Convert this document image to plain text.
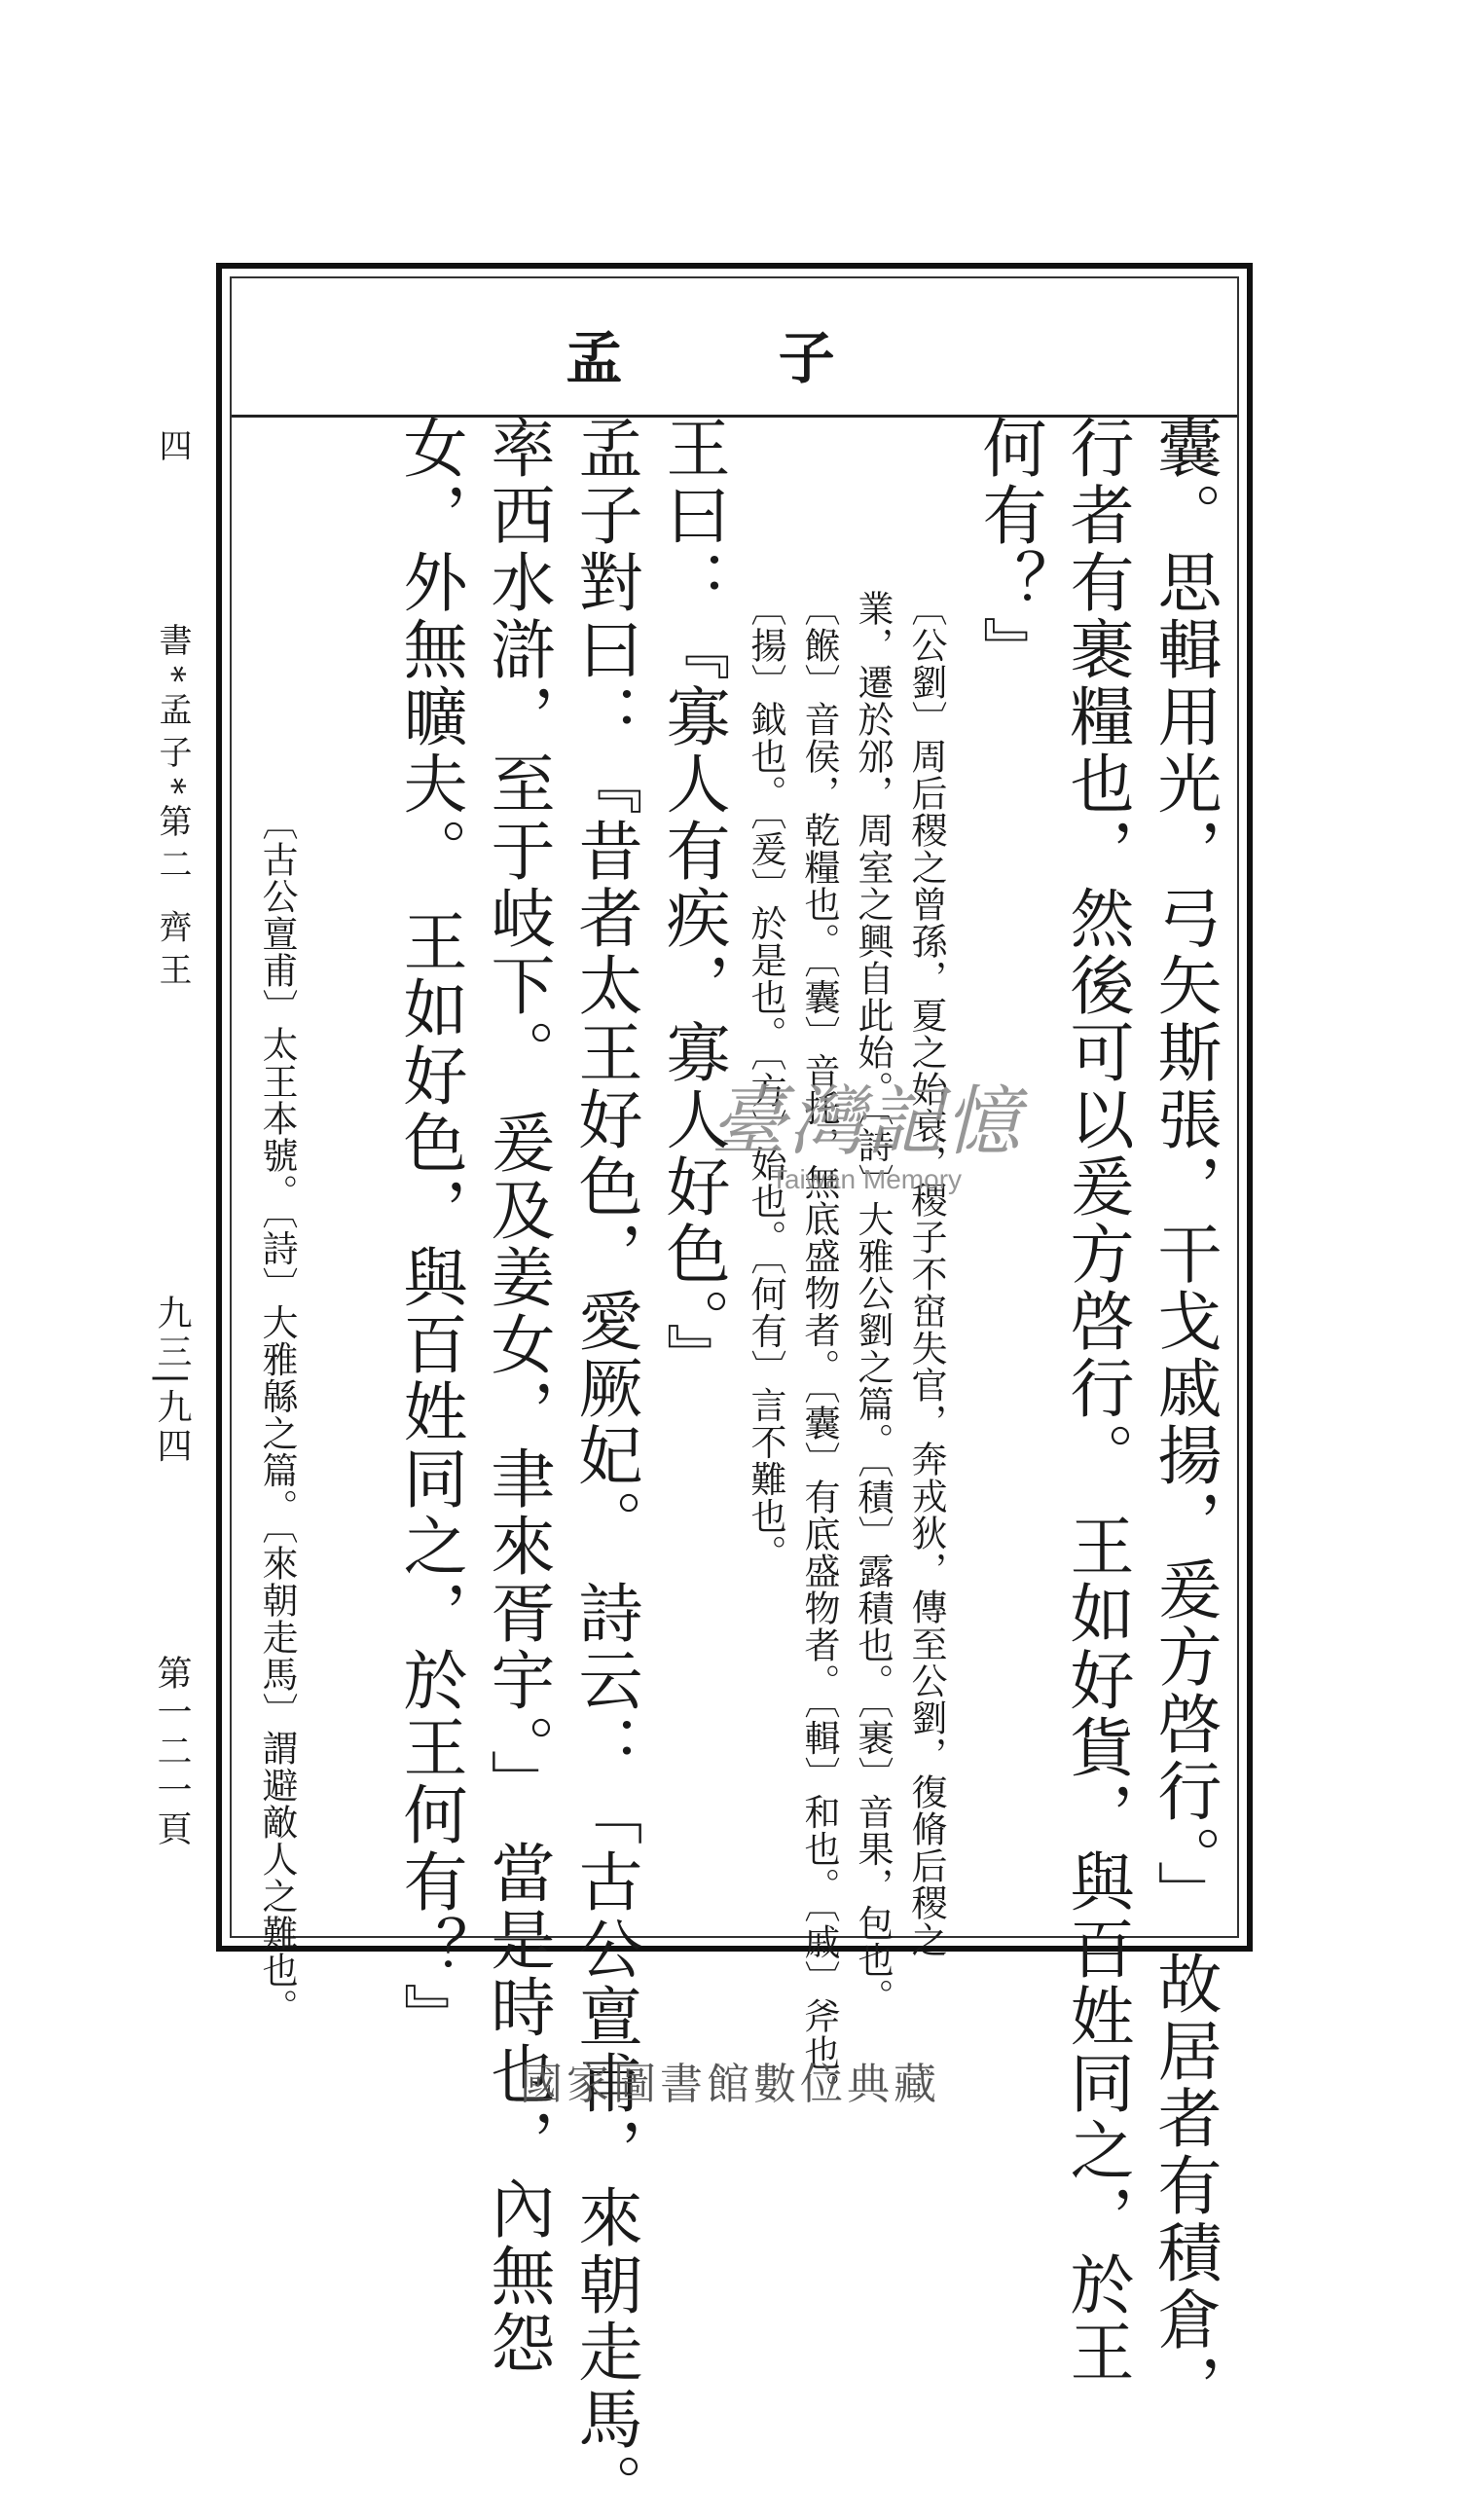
孟 子
囊。思輯用光，弓矢斯張，干戈戚揚，爰方啓行。」 故居者有積倉，
行者有裹糧也，然後可以爰方啓行。 王如好貨，與百姓同之，於王
何有？』
〔公劉〕周后稷之曾孫，夏之始衰，稷子不窋失官，奔戎狄，傳至公劉，復脩后稷之
業，遷於邠，周室之興自此始。〔詩〕大雅公劉之篇。〔積〕露積也。〔裹〕音果，包也。
〔餱〕音侯，乾糧也。〔囊〕音托，無底盛物者。〔囊〕有底盛物者。〔輯〕和也。〔戚〕斧也。
〔揚〕鉞也。〔爰〕於是也。〔方〕始也。〔何有〕言不難也。
王曰：『寡人有疾，寡人好色。』
孟子對曰：『昔者太王好色，愛厥妃。 詩云：「古公亶甫，來朝走馬。
率西水滸，至于岐下。 爰及姜女，聿來胥宇。」 當是時也，內無怨
女，外無曠夫。 王如好色，與百姓同之，於王何有？』
〔古公亶甫〕太王本號。〔詩〕大雅緜之篇。〔來朝走馬〕謂避敵人之難也。
四
書*孟子*第二 齊王
九三|九四
第一二一頁
臺灣記憶
Taiwan Memory
國家圖書館數位典藏
